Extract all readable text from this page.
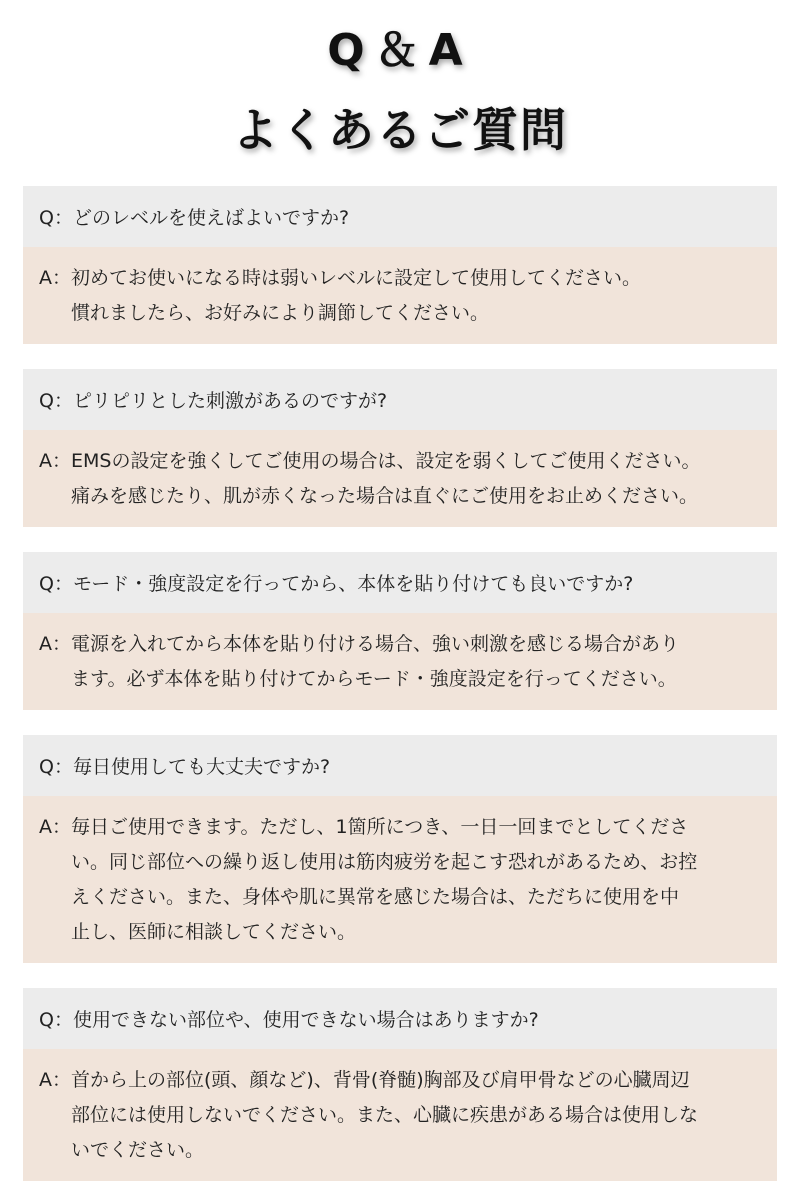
Q＆A
よくあるご質問
Q： どのレベルを使えばよいですか?
A： 初めてお使いになる時は弱いレベルに設定して使用してください。
慣れましたら、お好みにより調節してください。
Q： ピリピリとした刺激があるのですが?
A： EMSの設定を強くしてご使用の場合は、設定を弱くしてご使用ください。
痛みを感じたり、肌が赤くなった場合は直ぐにご使用をお止めください。
Q： モード・強度設定を行ってから、本体を貼り付けても良いですか?
A： 電源を入れてから本体を貼り付ける場合、強い刺激を感じる場合があり
ます。必ず本体を貼り付けてからモード・強度設定を行ってください。
Q： 毎日使用しても大丈夫ですか?
A： 毎日ご使用できます。ただし、1箇所につき、一日一回までとしてくださ
い。同じ部位への繰り返し使用は筋肉疲労を起こす恐れがあるため、お控
えください。また、身体や肌に異常を感じた場合は、ただちに使用を中
止し、医師に相談してください。
Q： 使用できない部位や、使用できない場合はありますか?
A： 首から上の部位(頭、顔など)、背骨(脊髄)胸部及び肩甲骨などの心臓周辺
部位には使用しないでください。また、心臓に疾患がある場合は使用しな
いでください。
